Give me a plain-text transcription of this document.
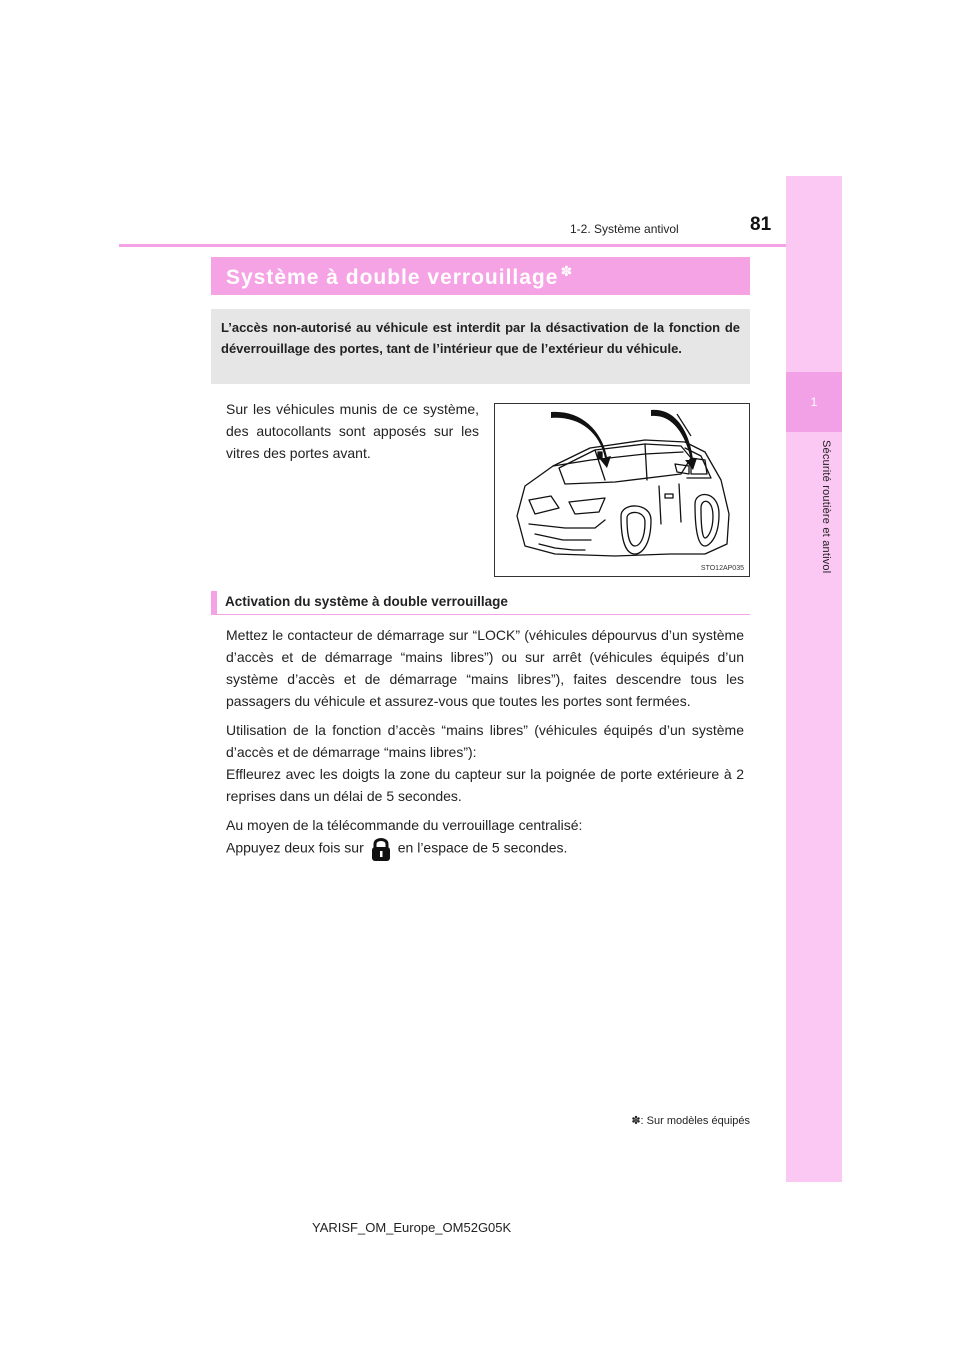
1
Sécurité routière et antivol
1-2. Système antivol	81
Système à double verrouillage ✽
L’accès non-autorisé au véhicule est interdit par la désactivation de la fonction de déverrouillage des portes, tant de l’intérieur que de l’extérieur du véhicule.
Sur les véhicules munis de ce système, des autocollants sont apposés sur les vitres des portes avant.
STO12AP035
Activation du système à double verrouillage

Mettez le contacteur de démarrage sur “LOCK” (véhicules dépourvus d’un système d’accès et de démarrage “mains libres”) ou sur arrêt (véhicules équipés d’un système d’accès et de démarrage “mains libres”), faites descendre tous les passagers du véhicule et assurez-vous que toutes les portes sont fermées.

Utilisation de la fonction d’accès “mains libres” (véhicules équipés d’un système d’accès et de démarrage “mains libres”):
Effleurez avec les doigts la zone du capteur sur la poignée de porte extérieure à 2 reprises dans un délai de 5 secondes.

Au moyen de la télécommande du verrouillage centralisé:
Appuyez deux fois sur en l’espace de 5 secondes.

✽: Sur modèles équipés
YARISF_OM_Europe_OM52G05K
